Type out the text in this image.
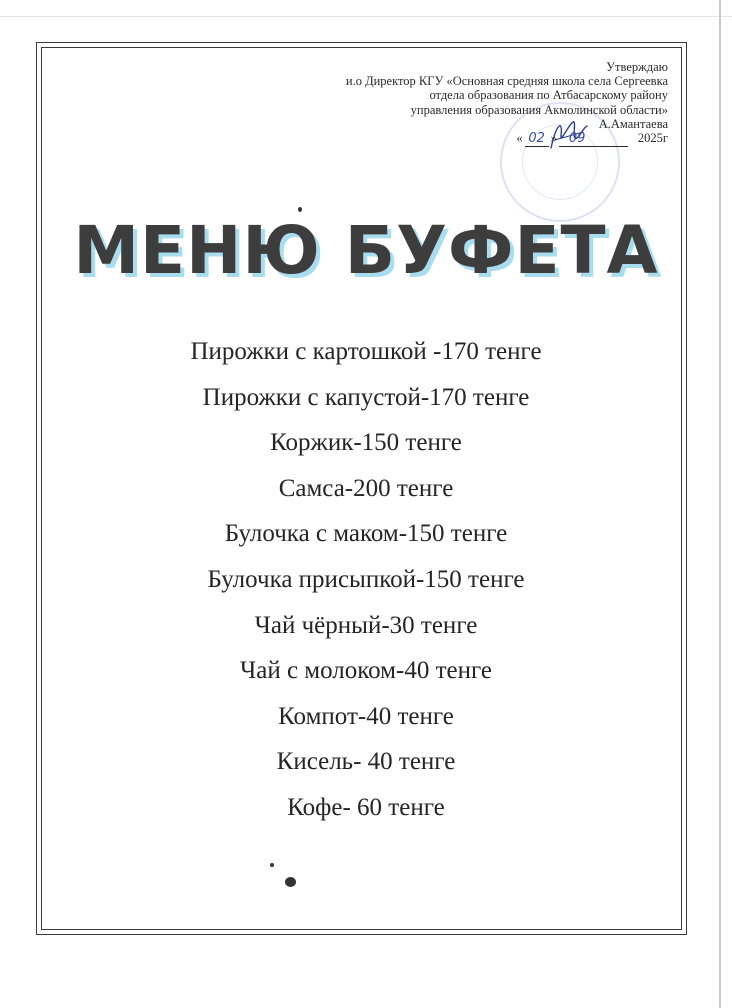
Утверждаю
и.о Директор КГУ «Основная средняя школа села Сергеевка
отдела образования по Атбасарскому району
управления образования Акмолинской области»
А.Амантаева
« 02 » 09	2025г
МЕНЮ БУФЕТА
Пирожки с картошкой -170 тенге
Пирожки с капустой-170 тенге
Коржик-150 тенге
Самса-200 тенге
Булочка с маком-150 тенге
Булочка присыпкой-150 тенге
Чай чёрный-30 тенге
Чай с молоком-40 тенге
Компот-40 тенге
Кисель- 40 тенге
Кофе- 60 тенге
